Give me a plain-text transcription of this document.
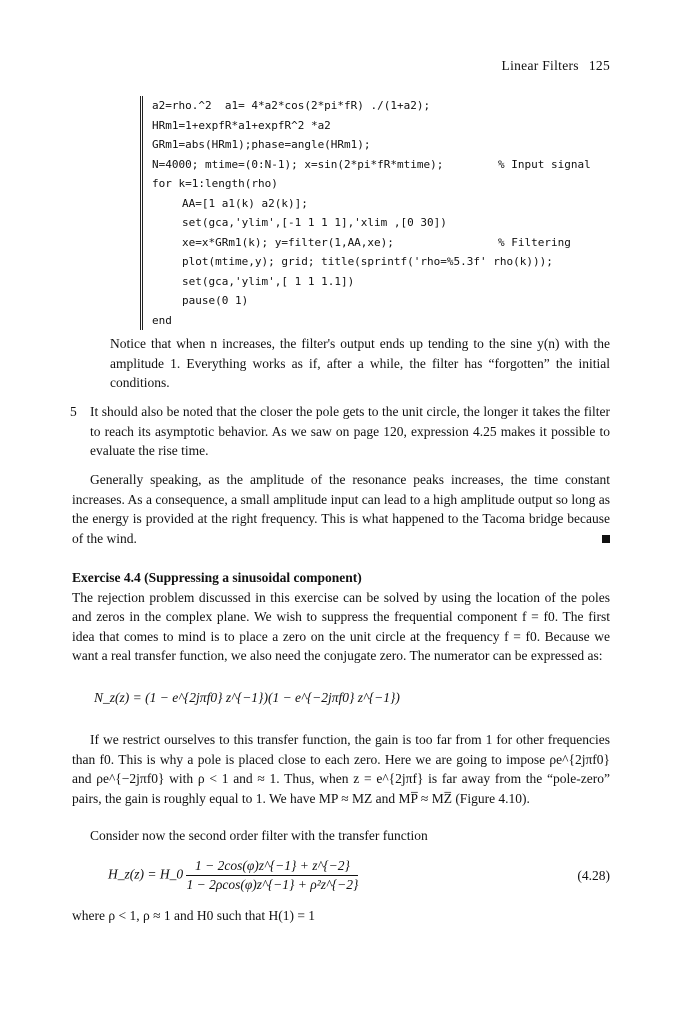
Linear Filters 125
a2=rho.^2  a1= 4*a2*cos(2*pi*fR) ./(1+a2);
HRm1=1+expfR*a1+expfR^2 *a2
GRm1=abs(HRm1);phase=angle(HRm1);
N=4000; mtime=(0:N-1); x=sin(2*pi*fR*mtime);	% Input signal
for k=1:length(rho)
AA=[1 a1(k) a2(k)];
set(gca,'ylim',[-1 1 1 1],'xlim ,[0 30])
xe=x*GRm1(k); y=filter(1,AA,xe);	% Filtering
plot(mtime,y); grid; title(sprintf('rho=%5.3f' rho(k)));
set(gca,'ylim',[ 1 1 1.1])
pause(0 1)
end
Notice that when n increases, the filter's output ends up tending to the sine y(n) with the amplitude 1. Everything works as if, after a while, the filter has “forgotten” the initial conditions.
5 It should also be noted that the closer the pole gets to the unit circle, the longer it takes the filter to reach its asymptotic behavior. As we saw on page 120, expression 4.25 makes it possible to evaluate the rise time.
Generally speaking, as the amplitude of the resonance peaks increases, the time constant increases. As a consequence, a small amplitude input can lead to a high amplitude output so long as the energy is provided at the right frequency. This is what happened to the Tacoma bridge because of the wind.
Exercise 4.4 (Suppressing a sinusoidal component)
The rejection problem discussed in this exercise can be solved by using the location of the poles and zeros in the complex plane. We wish to suppress the frequential component f = f0. The first idea that comes to mind is to place a zero on the unit circle at the frequency f = f0. Because we want a real transfer function, we also need the conjugate zero. The numerator can be expressed as:
N_z(z) = (1 − e^{2jπf0} z^{−1})(1 − e^{−2jπf0} z^{−1})
If we restrict ourselves to this transfer function, the gain is too far from 1 for other frequencies than f0. This is why a pole is placed close to each zero. Here we are going to impose ρe^{2jπf0} and ρe^{−2jπf0} with ρ < 1 and ≈ 1. Thus, when z = e^{2jπf} is far away from the “pole-zero” pairs, the gain is roughly equal to 1. We have MP ≈ MZ and MP̅ ≈ MZ̅ (Figure 4.10).
Consider now the second order filter with the transfer function
H_z(z) = H_0 $\frac{1 - 2\cos(\varphi)z\^{}\{-1\} + z\^{}\{-2\}}{\text{1 − 2ρcos(φ)z\textasciicircum{}\{−1\} + ρ²z\textasciicircum{}\{−2\}}}$	(4.28)
where ρ < 1, ρ ≈ 1 and H0 such that H(1) = 1
